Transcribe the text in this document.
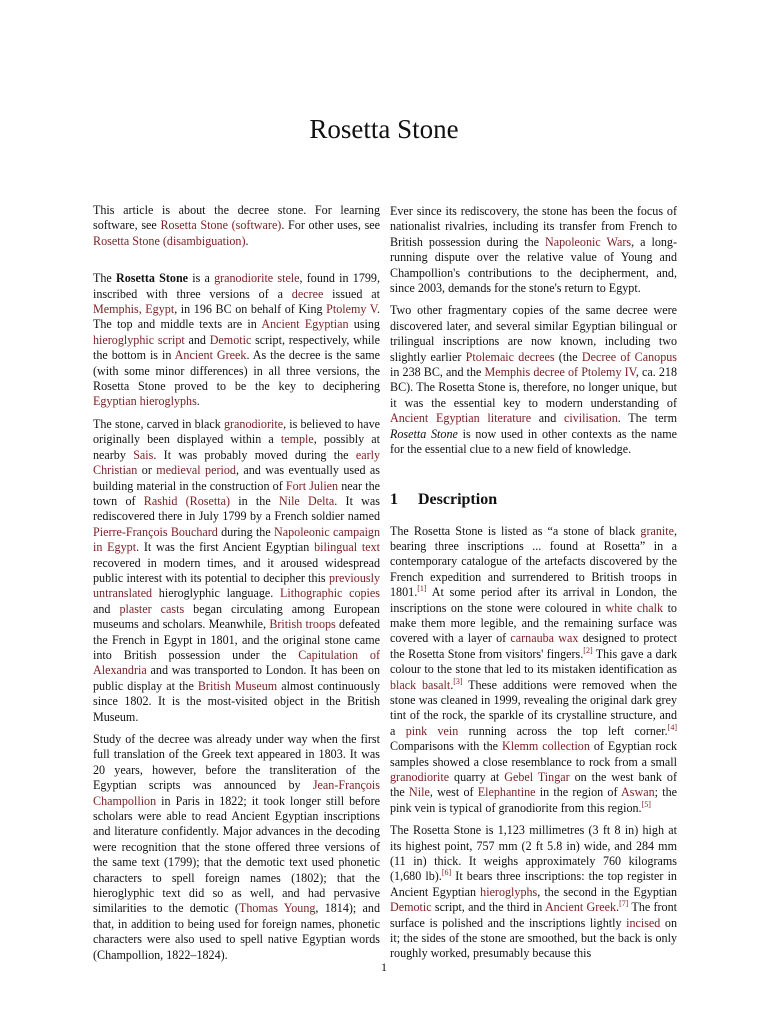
Rosetta Stone

This article is about the decree stone. For learning software, see Rosetta Stone (software). For other uses, see Rosetta Stone (disambiguation).

The Rosetta Stone is a granodiorite stele, found in 1799, inscribed with three versions of a decree issued at Memphis, Egypt, in 196 BC on behalf of King Ptolemy V. The top and middle texts are in Ancient Egyptian using hieroglyphic script and Demotic script, respectively, while the bottom is in Ancient Greek. As the decree is the same (with some minor differences) in all three versions, the Rosetta Stone proved to be the key to deciphering Egyptian hieroglyphs.

The stone, carved in black granodiorite, is believed to have originally been displayed within a temple, possibly at nearby Sais. It was probably moved during the early Christian or medieval period, and was eventually used as building material in the construction of Fort Julien near the town of Rashid (Rosetta) in the Nile Delta. It was rediscovered there in July 1799 by a French soldier named Pierre-François Bouchard during the Napoleonic campaign in Egypt. It was the first Ancient Egyptian bilingual text recovered in modern times, and it aroused widespread public interest with its potential to decipher this previously untranslated hieroglyphic language. Lithographic copies and plaster casts began circulating among European museums and scholars. Meanwhile, British troops defeated the French in Egypt in 1801, and the original stone came into British possession under the Capitulation of Alexandria and was transported to London. It has been on public display at the British Museum almost continuously since 1802. It is the most-visited object in the British Museum.

Study of the decree was already under way when the first full translation of the Greek text appeared in 1803. It was 20 years, however, before the transliteration of the Egyptian scripts was announced by Jean-François Champollion in Paris in 1822; it took longer still before scholars were able to read Ancient Egyptian inscriptions and literature confidently. Major advances in the decoding were recognition that the stone offered three versions of the same text (1799); that the demotic text used phonetic characters to spell foreign names (1802); that the hieroglyphic text did so as well, and had pervasive similarities to the demotic (Thomas Young, 1814); and that, in addition to being used for foreign names, phonetic characters were also used to spell native Egyptian words (Champollion, 1822–1824).

Ever since its rediscovery, the stone has been the focus of nationalist rivalries, including its transfer from French to British possession during the Napoleonic Wars, a long-running dispute over the relative value of Young and Champollion's contributions to the decipherment, and, since 2003, demands for the stone's return to Egypt.

Two other fragmentary copies of the same decree were discovered later, and several similar Egyptian bilingual or trilingual inscriptions are now known, including two slightly earlier Ptolemaic decrees (the Decree of Canopus in 238 BC, and the Memphis decree of Ptolemy IV, ca. 218 BC). The Rosetta Stone is, therefore, no longer unique, but it was the essential key to modern understanding of Ancient Egyptian literature and civilisation. The term Rosetta Stone is now used in other contexts as the name for the essential clue to a new field of knowledge.

1 Description

The Rosetta Stone is listed as “a stone of black granite, bearing three inscriptions ... found at Rosetta” in a contemporary catalogue of the artefacts discovered by the French expedition and surrendered to British troops in 1801.[1] At some period after its arrival in London, the inscriptions on the stone were coloured in white chalk to make them more legible, and the remaining surface was covered with a layer of carnauba wax designed to protect the Rosetta Stone from visitors' fingers.[2] This gave a dark colour to the stone that led to its mistaken identification as black basalt.[3] These additions were removed when the stone was cleaned in 1999, revealing the original dark grey tint of the rock, the sparkle of its crystalline structure, and a pink vein running across the top left corner.[4] Comparisons with the Klemm collection of Egyptian rock samples showed a close resemblance to rock from a small granodiorite quarry at Gebel Tingar on the west bank of the Nile, west of Elephantine in the region of Aswan; the pink vein is typical of granodiorite from this region.[5]

The Rosetta Stone is 1,123 millimetres (3 ft 8 in) high at its highest point, 757 mm (2 ft 5.8 in) wide, and 284 mm (11 in) thick. It weighs approximately 760 kilograms (1,680 lb).[6] It bears three inscriptions: the top register in Ancient Egyptian hieroglyphs, the second in the Egyptian Demotic script, and the third in Ancient Greek.[7] The front surface is polished and the inscriptions lightly incised on it; the sides of the stone are smoothed, but the back is only roughly worked, presumably because this

1
